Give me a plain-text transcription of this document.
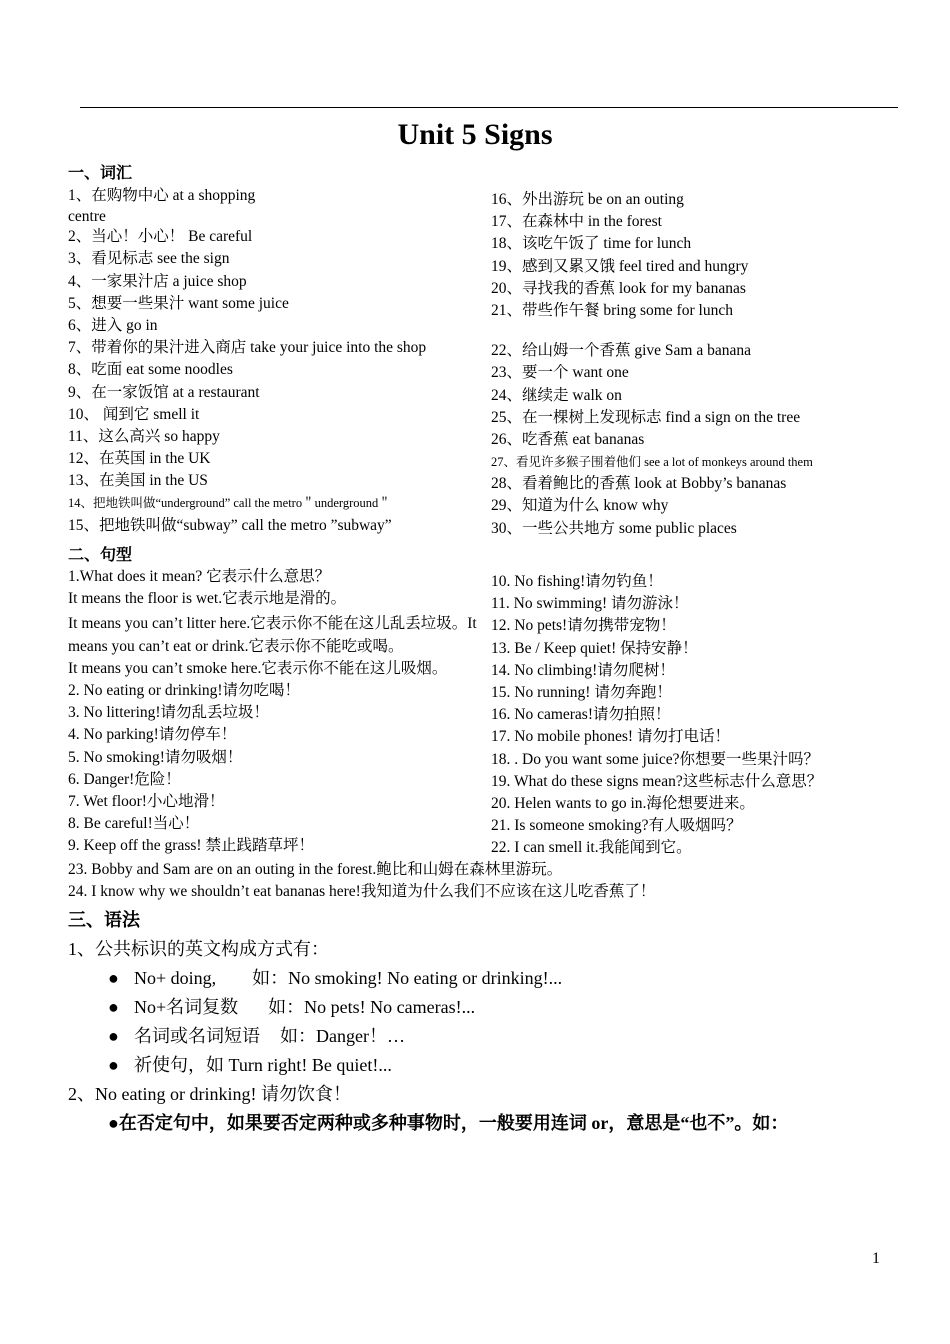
Unit 5 Signs
一、词汇
1、在购物中心 at a shopping
centre
2、当心！小心！ Be careful
3、看见标志 see the sign
4、一家果汁店 a juice shop
5、想要一些果汁 want some juice
6、进入 go in
7、带着你的果汁进入商店 take your juice into the shop
8、吃面 eat some noodles
9、在一家饭馆 at a restaurant
10、 闻到它 smell it
11、这么高兴 so happy
12、在英国 in the UK
13、在美国 in the US
14、把地铁叫做“underground” call the metro＂underground＂
15、把地铁叫做“subway” call the metro ”subway”
16、外出游玩 be on an outing
17、在森林中 in the forest
18、该吃午饭了 time for lunch
19、感到又累又饿 feel tired and hungry
20、寻找我的香蕉 look for my bananas
21、带些作午餐 bring some for lunch
22、给山姆一个香蕉 give Sam a banana
23、要一个 want one
24、继续走 walk on
25、在一棵树上发现标志 find a sign on the tree
26、吃香蕉 eat bananas
27、看见许多猴子围着他们 see a lot of monkeys around them
28、看着鲍比的香蕉 look at Bobby’s bananas
29、知道为什么 know why
30、一些公共地方 some public places
二、句型
1.What does it mean? 它表示什么意思？
It means the floor is wet.它表示地是滑的。
It means you can’t litter here.它表示你不能在这儿乱丢垃圾。It
means you can’t eat or drink.它表示你不能吃或喝。
It means you can’t smoke here.它表示你不能在这儿吸烟。
2. No eating or drinking!请勿吃喝！
3. No littering!请勿乱丢垃圾！
4. No parking!请勿停车！
5. No smoking!请勿吸烟！
6. Danger!危险！
7. Wet floor!小心地滑！
8. Be careful!当心！
9. Keep off the grass! 禁止践踏草坪！
10. No fishing!请勿钓鱼！
11. No swimming! 请勿游泳！
12. No pets!请勿携带宠物！
13. Be / Keep quiet! 保持安静！
14. No climbing!请勿爬树！
15. No running! 请勿奔跑！
16. No cameras!请勿拍照！
17. No mobile phones! 请勿打电话！
18. . Do you want some juice?你想要一些果汁吗？
19. What do these signs mean?这些标志什么意思？
20. Helen wants to go in.海伦想要进来。
21. Is someone smoking?有人吸烟吗？
22. I can smell it.我能闻到它。
23. Bobby and Sam are on an outing in the forest.鲍比和山姆在森林里游玩。
24. I know why we shouldn’t eat bananas here!我知道为什么我们不应该在这儿吃香蕉了！
三、语法
1、公共标识的英文构成方式有：
● No+ doing, 如：No smoking! No eating or drinking!...
● No+名词复数 如：No pets! No cameras!...
● 名词或名词短语 如：Danger！…
● 祈使句，如 Turn right! Be quiet!...
2、No eating or drinking! 请勿饮食！
●在否定句中，如果要否定两种或多种事物时，一般要用连词 or，意思是“也不”。如：
1
